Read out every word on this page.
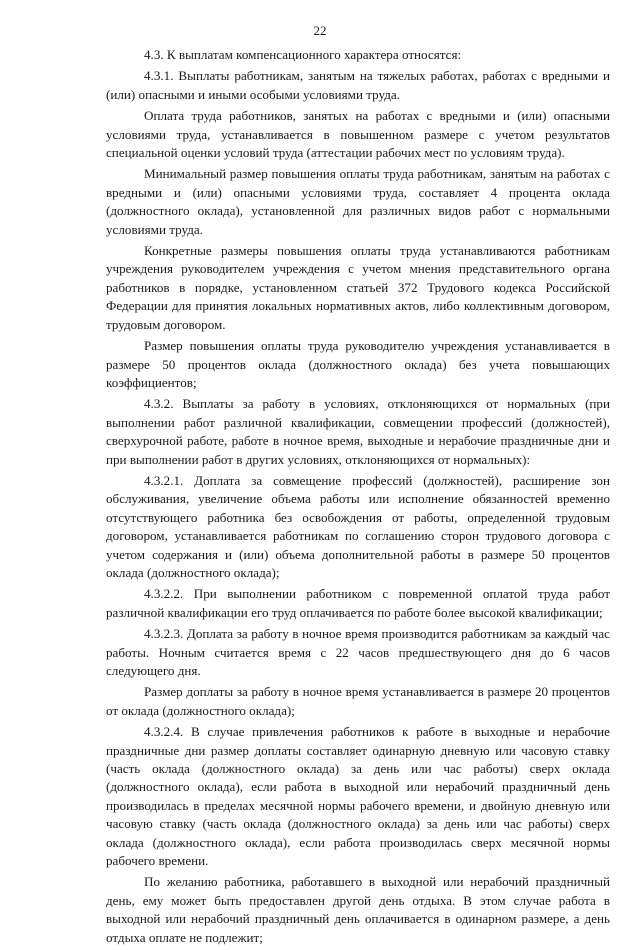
22

4.3. К выплатам компенсационного характера относятся:

4.3.1. Выплаты работникам, занятым на тяжелых работах, работах с вредными и (или) опасными и иными особыми условиями труда.

Оплата труда работников, занятых на работах с вредными и (или) опасными условиями труда, устанавливается в повышенном размере с учетом результатов специальной оценки условий труда (аттестации рабочих мест по условиям труда).

Минимальный размер повышения оплаты труда работникам, занятым на работах с вредными и (или) опасными условиями труда, составляет 4 процента оклада (должностного оклада), установленной для различных видов работ с нормальными условиями труда.

Конкретные размеры повышения оплаты труда устанавливаются работникам учреждения руководителем учреждения с учетом мнения представительного органа работников в порядке, установленном статьей 372 Трудового кодекса Российской Федерации для принятия локальных нормативных актов, либо коллективным договором, трудовым договором.

Размер повышения оплаты труда руководителю учреждения устанавливается в размере 50 процентов оклада (должностного оклада) без учета повышающих коэффициентов;

4.3.2. Выплаты за работу в условиях, отклоняющихся от нормальных (при выполнении работ различной квалификации, совмещении профессий (должностей), сверхурочной работе, работе в ночное время, выходные и нерабочие праздничные дни и при выполнении работ в других условиях, отклоняющихся от нормальных):

4.3.2.1. Доплата за совмещение профессий (должностей), расширение зон обслуживания, увеличение объема работы или исполнение обязанностей временно отсутствующего работника без освобождения от работы, определенной трудовым договором, устанавливается работникам по соглашению сторон трудового договора с учетом содержания и (или) объема дополнительной работы в размере 50 процентов оклада (должностного оклада);

4.3.2.2. При выполнении работником с повременной оплатой труда работ различной квалификации его труд оплачивается по работе более высокой квалификации;

4.3.2.3. Доплата за работу в ночное время производится работникам за каждый час работы. Ночным считается время с 22 часов предшествующего дня до 6 часов следующего дня.

Размер доплаты за работу в ночное время устанавливается в размере 20 процентов от оклада (должностного оклада);

4.3.2.4. В случае привлечения работников к работе в выходные и нерабочие праздничные дни размер доплаты составляет одинарную дневную или часовую ставку (часть оклада (должностного оклада) за день или час работы) сверх оклада (должностного оклада), если работа в выходной или нерабочий праздничный день производилась в пределах месячной нормы рабочего времени, и двойную дневную или часовую ставку (часть оклада (должностного оклада) за день или час работы) сверх оклада (должностного оклада), если работа производилась сверх месячной нормы рабочего времени.

По желанию работника, работавшего в выходной или нерабочий праздничный день, ему может быть предоставлен другой день отдыха. В этом случае работа в выходной или нерабочий праздничный день оплачивается в одинарном размере, а день отдыха оплате не подлежит;
